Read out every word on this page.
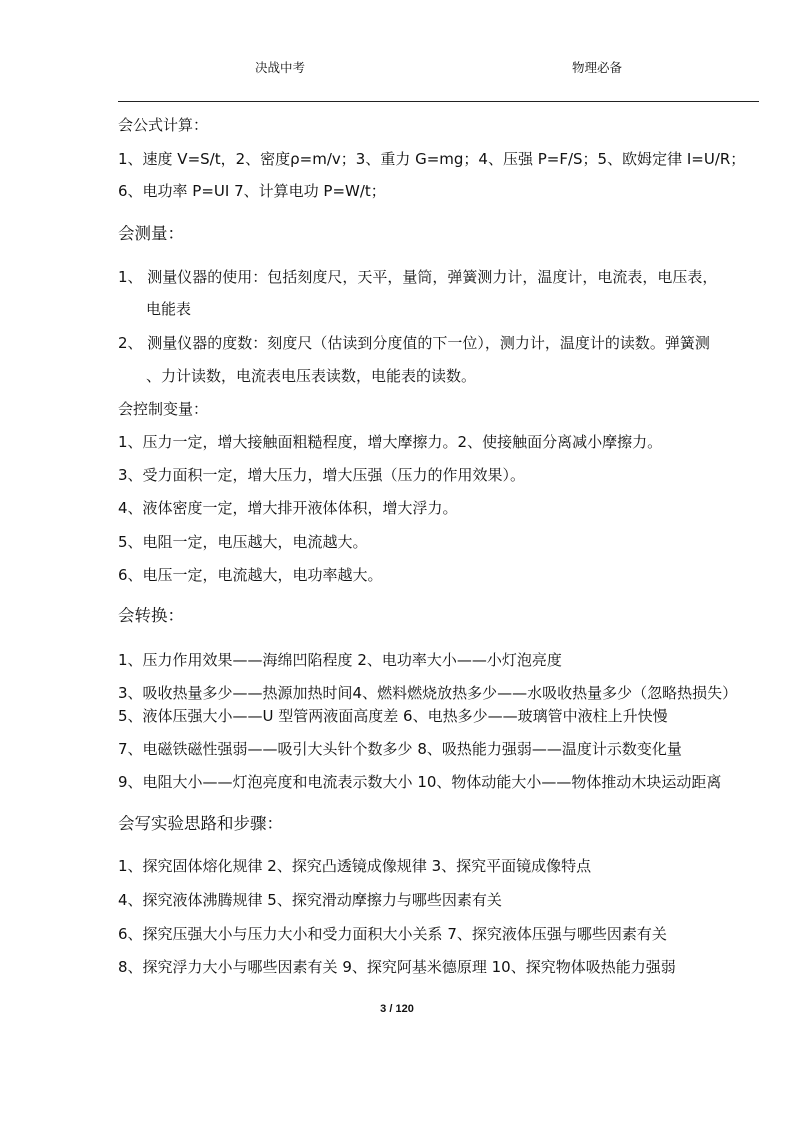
决战中考	物理必备
会公式计算：
1、速度 V=S/t，2、密度ρ=m/v；3、重力 G=mg；4、压强 P=F/S；5、欧姆定律 I=U/R；
6、电功率 P=UI 7、计算电功 P=W/t；
会测量：
1、 测量仪器的使用：包括刻度尺，天平，量筒，弹簧测力计，温度计，电流表，电压表，
电能表
2、 测量仪器的度数：刻度尺（估读到分度值的下一位），测力计，温度计的读数。弹簧测
、力计读数，电流表电压表读数，电能表的读数。
会控制变量：
1、压力一定，增大接触面粗糙程度，增大摩擦力。2、使接触面分离减小摩擦力。
3、受力面积一定，增大压力，增大压强（压力的作用效果）。
4、液体密度一定，增大排开液体体积，增大浮力。
5、电阻一定，电压越大，电流越大。
6、电压一定，电流越大，电功率越大。
会转换：
1、压力作用效果——海绵凹陷程度 2、电功率大小——小灯泡亮度
3、吸收热量多少——热源加热时间4、燃料燃烧放热多少——水吸收热量多少（忽略热损失）
5、液体压强大小——U 型管两液面高度差 6、电热多少——玻璃管中液柱上升快慢
7、电磁铁磁性强弱——吸引大头针个数多少 8、吸热能力强弱——温度计示数变化量
9、电阻大小——灯泡亮度和电流表示数大小 10、物体动能大小——物体推动木块运动距离
会写实验思路和步骤：
1、探究固体熔化规律 2、探究凸透镜成像规律 3、探究平面镜成像特点
4、探究液体沸腾规律 5、探究滑动摩擦力与哪些因素有关
6、探究压强大小与压力大小和受力面积大小关系 7、探究液体压强与哪些因素有关
8、探究浮力大小与哪些因素有关 9、探究阿基米德原理 10、探究物体吸热能力强弱
3 / 120
